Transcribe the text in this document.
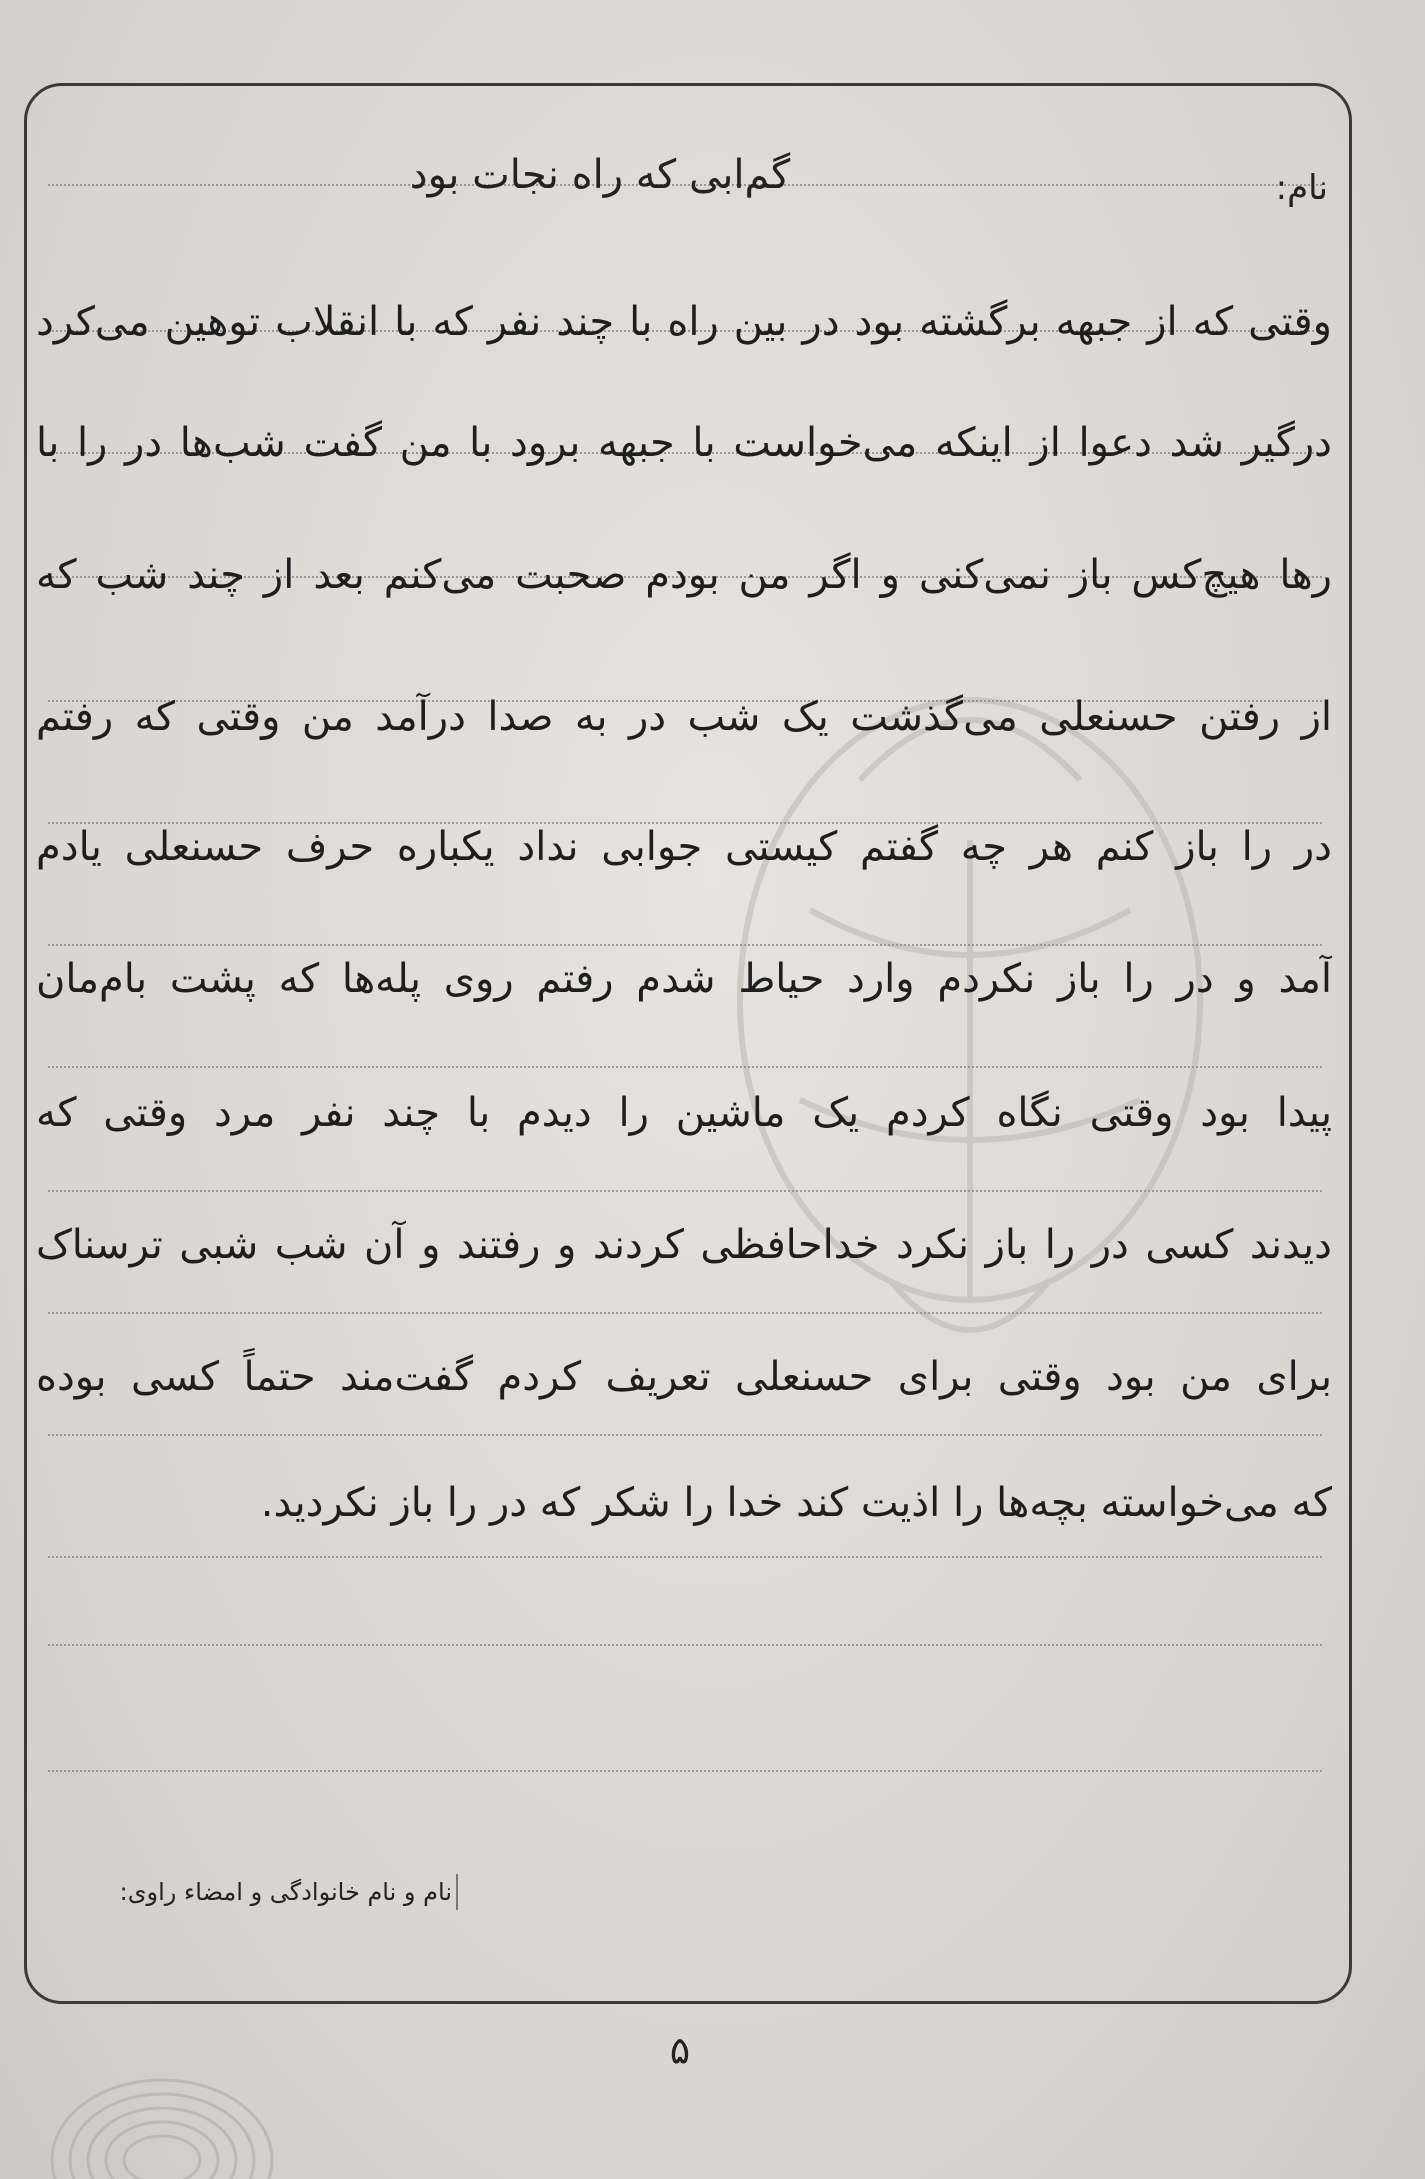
نام:
گم‌ابی که راه نجات بود
وقتی که از جبهه برگشته بود در بین راه با چند نفر که با انقلاب توهین می‌کرد
درگیر شد دعوا از اینکه می‌خواست با جبهه برود با من گفت شب‌ها در را با
رها هیچ‌کس باز نمی‌کنی و اگر من بودم صحبت می‌کنم بعد از چند شب که
از رفتن حسنعلی می‌گذشت یک شب در به صدا درآمد من وقتی که رفتم
در را باز کنم هر چه گفتم کیستی جوابی نداد یکباره حرف حسنعلی یادم
آمد و در را باز نکردم وارد حیاط شدم رفتم روی پله‌ها که پشت بام‌مان
پیدا بود وقتی نگاه کردم یک ماشین را دیدم با چند نفر مرد وقتی که
دیدند کسی در را باز نکرد خداحافظی کردند و رفتند و آن شب شبی ترسناک
برای من بود وقتی برای حسنعلی تعریف کردم گفت‌مند حتماً کسی بوده
که می‌خواسته بچه‌ها را اذیت کند خدا را شکر که در را باز نکردید.
نام و نام خانوادگی و امضاء راوی:
۵
